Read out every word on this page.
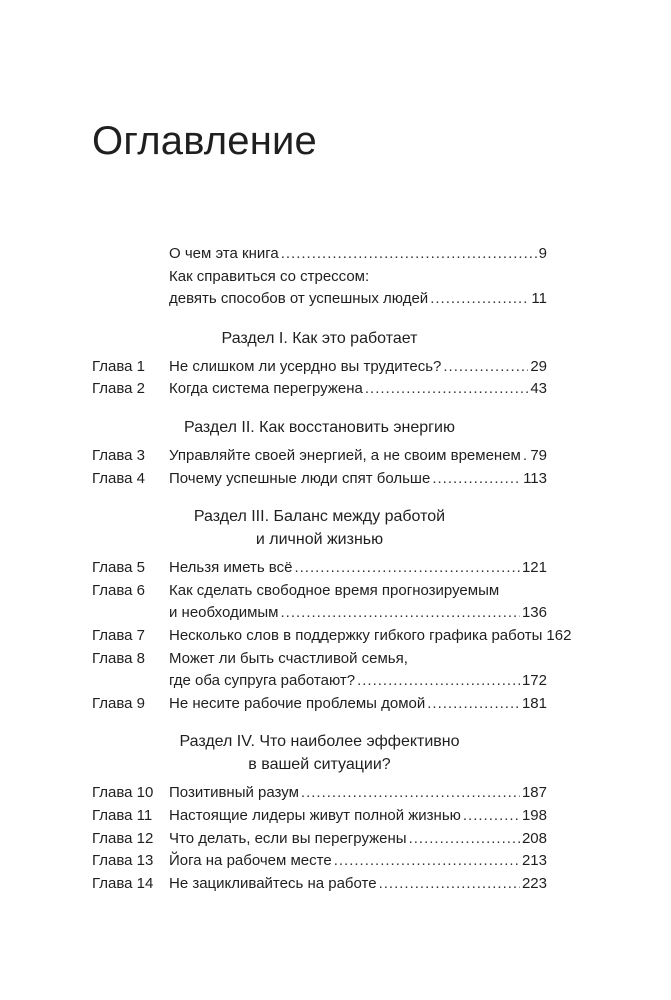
Оглавление
О чем эта книга .....	9
Как справиться со стрессом:
девять способов от успешных людей .....	11
Раздел I. Как это работает
Глава 1 Не слишком ли усердно вы трудитесь? .....	29
Глава 2 Когда система перегружена .....	43
Раздел II. Как восстановить энергию
Глава 3 Управляйте своей энергией, а не своим временем ..... 79
Глава 4 Почему успешные люди спят больше .....	113
Раздел III. Баланс между работой
и личной жизнью
Глава 5 Нельзя иметь всё .....	121
Глава 6 Как сделать свободное время прогнозируемым
и необходимым .....	136
Глава 7 Несколько слов в поддержку гибкого графика работы 162
Глава 8 Может ли быть счастливой семья,
где оба супруга работают? .....	172
Глава 9 Не несите рабочие проблемы домой .....	181
Раздел IV. Что наиболее эффективно
в вашей ситуации?
Глава 10 Позитивный разум .....	187
Глава 11 Настоящие лидеры живут полной жизнью .....	198
Глава 12 Что делать, если вы перегружены .....	208
Глава 13 Йога на рабочем месте .....	213
Глава 14 Не зацикливайтесь на работе .....	223
